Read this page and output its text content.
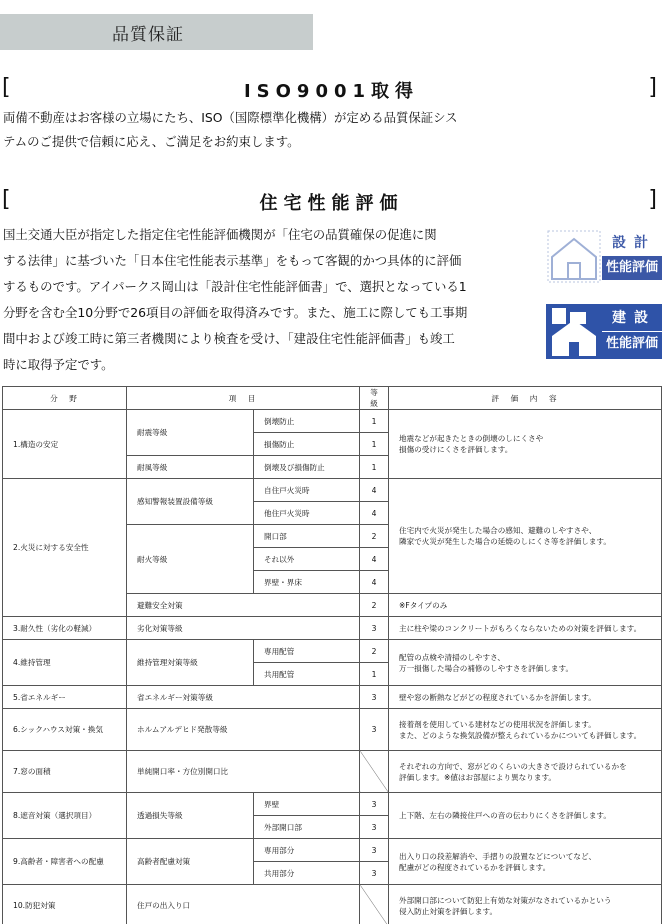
品質保証
[	ISO9001取得	]
両備不動産はお客様の立場にたち、ISO（国際標準化機構）が定める品質保証シス
テムのご提供で信頼に応え、ご満足をお約束します。
[	住宅性能評価	]
国土交通大臣が指定した指定住宅性能評価機関が「住宅の品質確保の促進に関
する法律」に基づいた「日本住宅性能表示基準」をもって客観的かつ具体的に評価
するものです。アイパークス岡山は「設計住宅性能評価書」で、選択となっている1
分野を含む全10分野で26項目の評価を取得済みです。また、施工に際しても工事期
間中および竣工時に第三者機関により検査を受け、「建設住宅性能評価書」も竣工
時に取得予定です。
設計
性能評価
建設
性能評価
分　野	項　目		等級	評　価　内　容
1.構造の安定	耐震等級	倒壊防止	1	地震などが起きたときの倒壊のしにくさや
損傷の受けにくさを評価します。
		損傷防止	1	
	耐風等級	倒壊及び損傷防止	1	
2.火災に対する安全性	感知警報装置設備等級	自住戸火災時	4	住宅内で火災が発生した場合の感知、避難のしやすさや、
隣家で火災が発生した場合の延焼のしにくさ等を評価します。
		他住戸火災時	4	
	耐火等級	開口部	2	
		それ以外	4	
		界壁・界床	4	
	避難安全対策		2	※Fタイプのみ
3.耐久性（劣化の軽減）	劣化対策等級		3	主に柱や梁のコンクリートがもろくならないための対策を評価します。
4.維持管理	維持管理対策等級	専用配管	2	配管の点検や清掃のしやすさ、
万一損傷した場合の補修のしやすさを評価します。
		共用配管	1	
5.省エネルギー	省エネルギー対策等級		3	壁や窓の断熱などがどの程度されているかを評価します。
6.シックハウス対策・換気	ホルムアルデヒド発散等級		3	接着剤を使用している建材などの使用状況を評価します。
また、どのような換気設備が整えられているかについても評価します。
7.窓の面積	単純開口率・方位別開口比			それぞれの方向で、窓がどのくらいの大きさで設けられているかを
評価します。※値はお部屋により異なります。
8.遮音対策（選択項目）	透過損失等級	界壁	3	上下階、左右の隣接住戸への音の伝わりにくさを評価します。
		外部開口部	3	
9.高齢者・障害者への配慮	高齢者配慮対策	専用部分	3	出入り口の段差解消や、手摺りの設置などについてなど、
配慮がどの程度されているかを評価します。
		共用部分	3	
10.防犯対策	住戸の出入り口			外部開口部について防犯上有効な対策がなされているかという
侵入防止対策を評価します。
